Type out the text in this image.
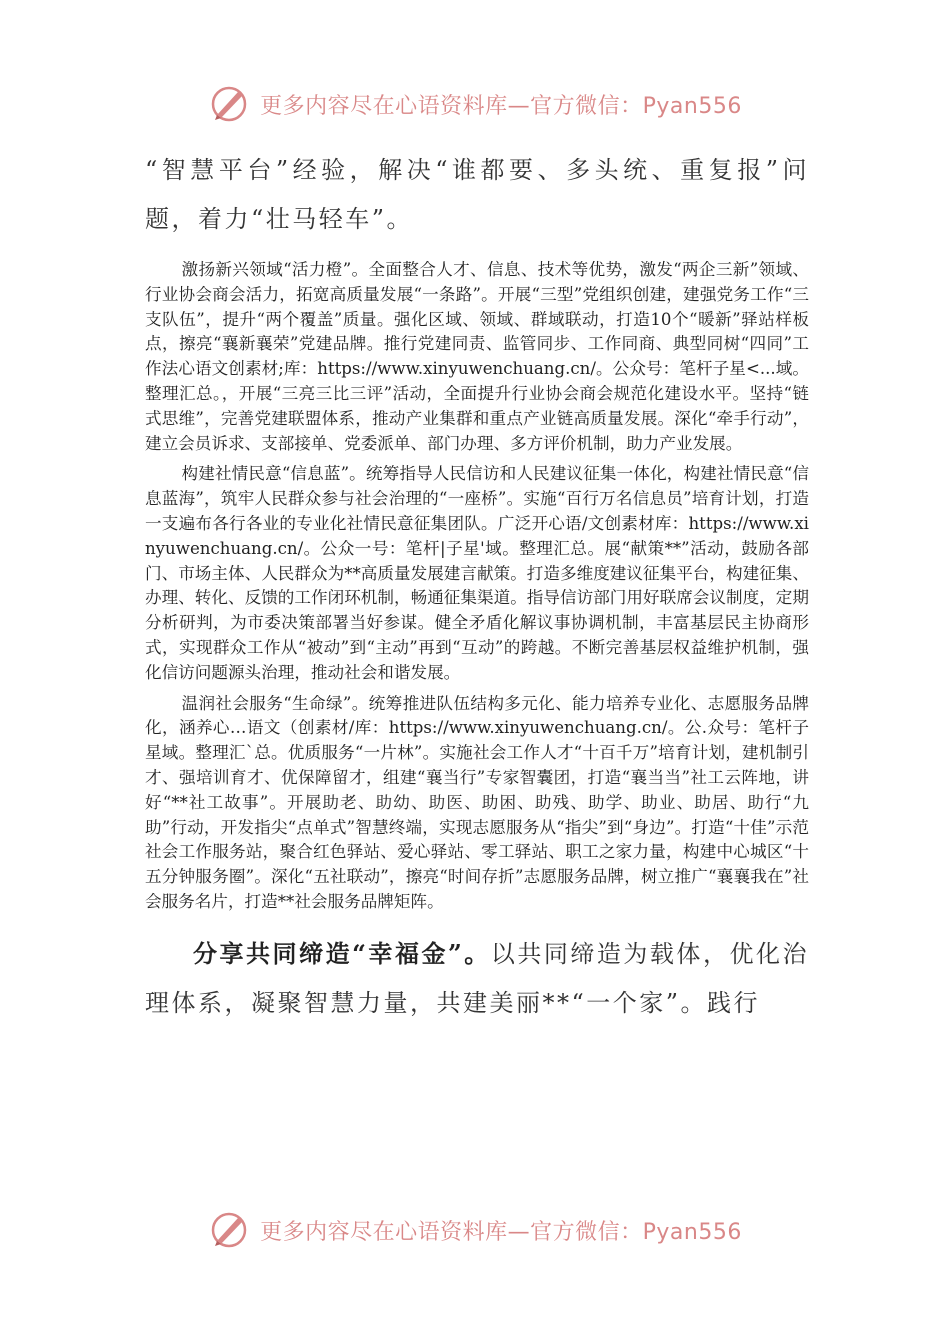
更多内容尽在心语资料库—官方微信：Pyan556

“智慧平台”经验，解决“谁都要、多头统、重复报”问题，着力“壮马轻车”。

激扬新兴领域“活力橙”。全面整合人才、信息、技术等优势，激发“两企三新”领域、行业协会商会活力，拓宽高质量发展“一条路”。开展“三型”党组织创建，建强党务工作“三支队伍”，提升“两个覆盖”质量。强化区域、领域、群域联动，打造10个“暖新”驿站样板点，擦亮“襄新襄荣”党建品牌。推行党建同责、监管同步、工作同商、典型同树“四同”工作法心语文创素材;库：https://www.xinyuwenchuang.cn/。公众号：笔杆子星<...域。整理汇总。，开展“三亮三比三评”活动，全面提升行业协会商会规范化建设水平。坚持“链式思维”，完善党建联盟体系，推动产业集群和重点产业链高质量发展。深化“牵手行动”，建立会员诉求、支部接单、党委派单、部门办理、多方评价机制，助力产业发展。

构建社情民意“信息蓝”。统筹指导人民信访和人民建议征集一体化，构建社情民意“信息蓝海”，筑牢人民群众参与社会治理的“一座桥”。实施“百行万名信息员”培育计划，打造一支遍布各行各业的专业化社情民意征集团队。广泛开心语/文创素材库：https://www.xinyuwenchuang.cn/。公众一号：笔杆|子星'域。整理汇总。展“献策**”活动，鼓励各部门、市场主体、人民群众为**高质量发展建言献策。打造多维度建议征集平台，构建征集、办理、转化、反馈的工作闭环机制，畅通征集渠道。指导信访部门用好联席会议制度，定期分析研判，为市委决策部署当好参谋。健全矛盾化解议事协调机制，丰富基层民主协商形式，实现群众工作从“被动”到“主动”再到“互动”的跨越。不断完善基层权益维护机制，强化信访问题源头治理，推动社会和谐发展。

温润社会服务“生命绿”。统筹推进队伍结构多元化、能力培养专业化、志愿服务品牌化，涵养心…语文（创素材/库：https://www.xinyuwenchuang.cn/。公.众号：笔杆子星域。整理汇`总。优质服务“一片林”。实施社会工作人才“十百千万”培育计划，建机制引才、强培训育才、优保障留才，组建“襄当行”专家智囊团，打造“襄当当”社工云阵地，讲好“**社工故事”。开展助老、助幼、助医、助困、助残、助学、助业、助居、助行“九助”行动，开发指尖“点单式”智慧终端，实现志愿服务从“指尖”到“身边”。打造“十佳”示范社会工作服务站，聚合红色驿站、爱心驿站、零工驿站、职工之家力量，构建中心城区“十五分钟服务圈”。深化“五社联动”，擦亮“时间存折”志愿服务品牌，树立推广“襄襄我在”社会服务名片，打造**社会服务品牌矩阵。

分享共同缔造“幸福金”。以共同缔造为载体，优化治理体系，凝聚智慧力量，共建美丽**“一个家”。践行

更多内容尽在心语资料库—官方微信：Pyan556
